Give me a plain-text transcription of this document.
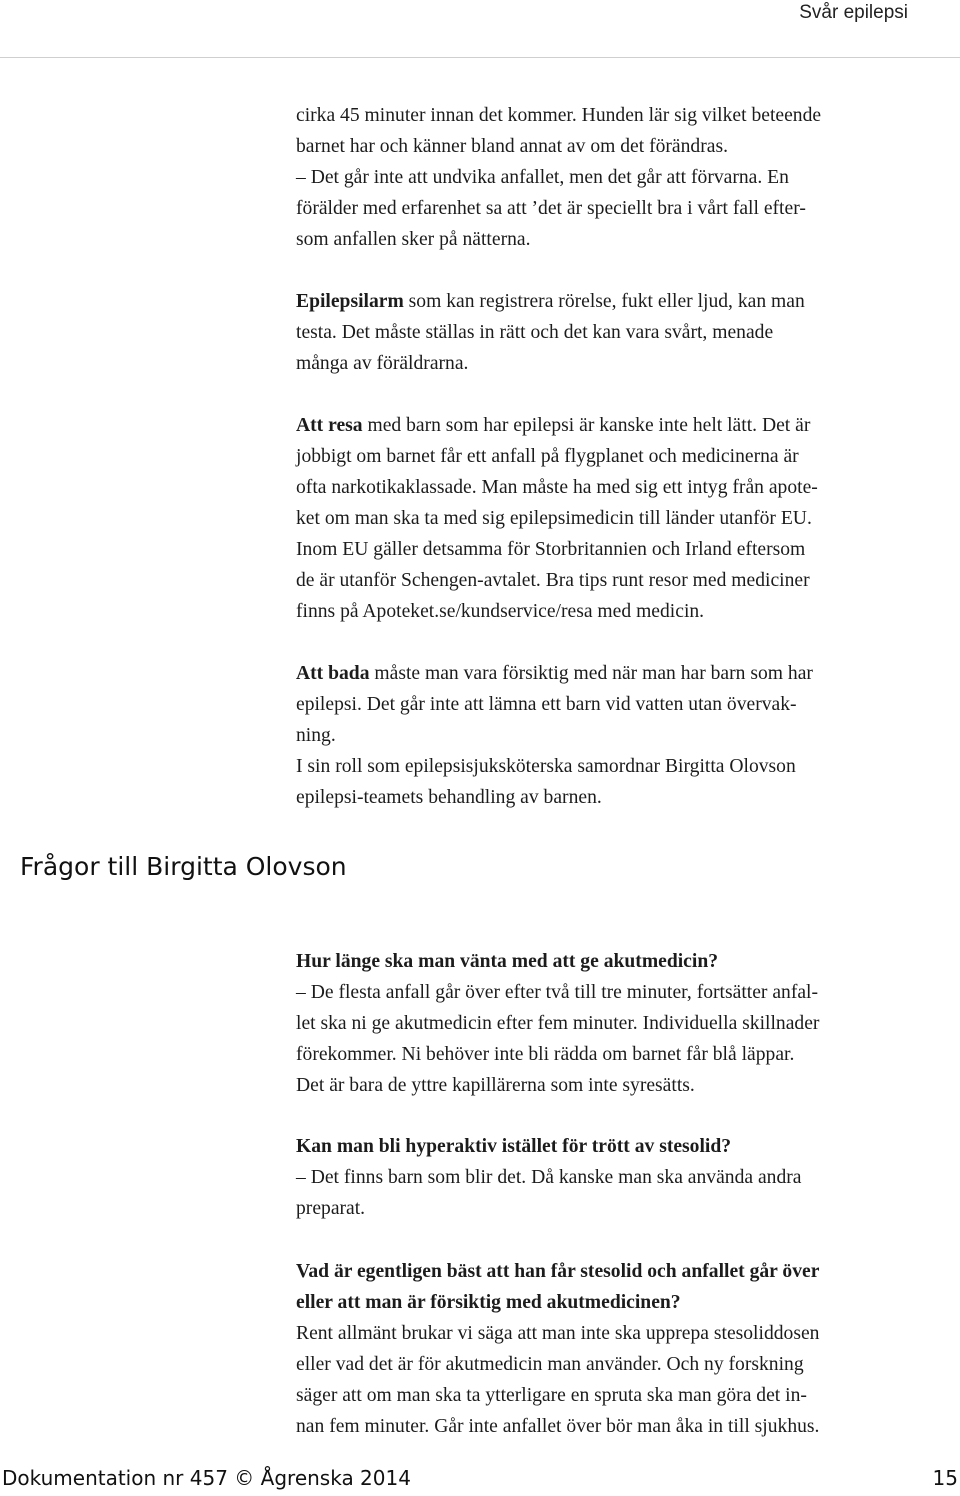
Svår epilepsi

cirka 45 minuter innan det kommer. Hunden lär sig vilket beteende

barnet har och känner bland annat av om det förändras.

– Det går inte att undvika anfallet, men det går att förvarna. En

förälder med erfarenhet sa att ’det är speciellt bra i vårt fall efter-

som anfallen sker på nätterna.

Epilepsilarm som kan registrera rörelse, fukt eller ljud, kan man

testa. Det måste ställas in rätt och det kan vara svårt, menade

många av föräldrarna.

Att resa med barn som har epilepsi är kanske inte helt lätt. Det är

jobbigt om barnet får ett anfall på flygplanet och medicinerna är

ofta narkotikaklassade. Man måste ha med sig ett intyg från apote-

ket om man ska ta med sig epilepsimedicin till länder utanför EU.

Inom EU gäller detsamma för Storbritannien och Irland eftersom

de är utanför Schengen-avtalet. Bra tips runt resor med mediciner

finns på Apoteket.se/kundservice/resa med medicin.

Att bada måste man vara försiktig med när man har barn som har

epilepsi. Det går inte att lämna ett barn vid vatten utan övervak-

ning.

I sin roll som epilepsisjuksköterska samordnar Birgitta Olovson

epilepsi-teamets behandling av barnen.

Frågor till Birgitta Olovson

Hur länge ska man vänta med att ge akutmedicin?

– De flesta anfall går över efter två till tre minuter, fortsätter anfal-

let ska ni ge akutmedicin efter fem minuter. Individuella skillnader

förekommer. Ni behöver inte bli rädda om barnet får blå läppar.

Det är bara de yttre kapillärerna som inte syresätts.

Kan man bli hyperaktiv istället för trött av stesolid?

– Det finns barn som blir det. Då kanske man ska använda andra

preparat.

Vad är egentligen bäst att han får stesolid och anfallet går över

eller att man är försiktig med akutmedicinen?

Rent allmänt brukar vi säga att man inte ska upprepa stesoliddosen

eller vad det är för akutmedicin man använder. Och ny forskning

säger att om man ska ta ytterligare en spruta ska man göra det in-

nan fem minuter. Går inte anfallet över bör man åka in till sjukhus.

Dokumentation nr 457 © Ågrenska 2014	15
